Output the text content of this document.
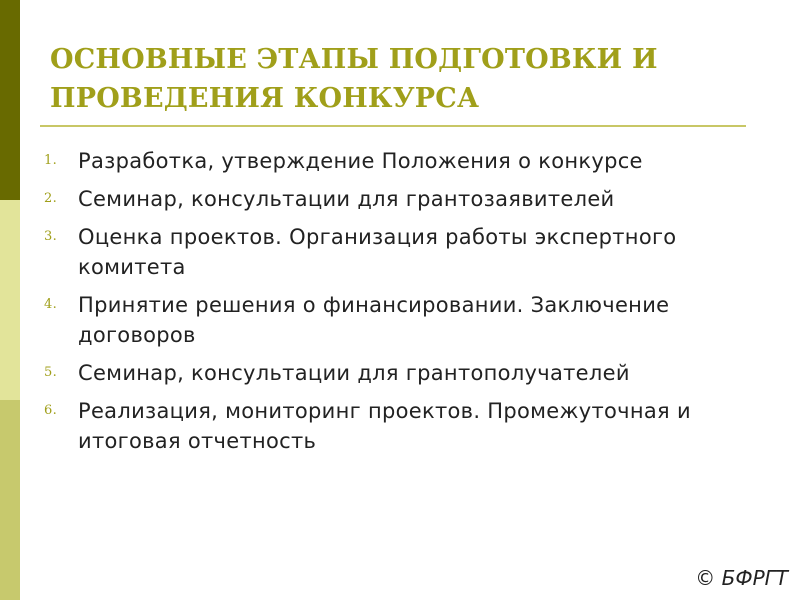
ОСНОВНЫЕ ЭТАПЫ ПОДГОТОВКИ И ПРОВЕДЕНИЯ КОНКУРСА
1. Разработка, утверждение Положения о конкурсе
2. Семинар, консультации для грантозаявителей
3. Оценка проектов. Организация работы экспертного комитета
4. Принятие решения о финансировании. Заключение договоров
5. Семинар, консультации для грантополучателей
6. Реализация, мониторинг проектов. Промежуточная и итоговая отчетность
© БФРГТ
